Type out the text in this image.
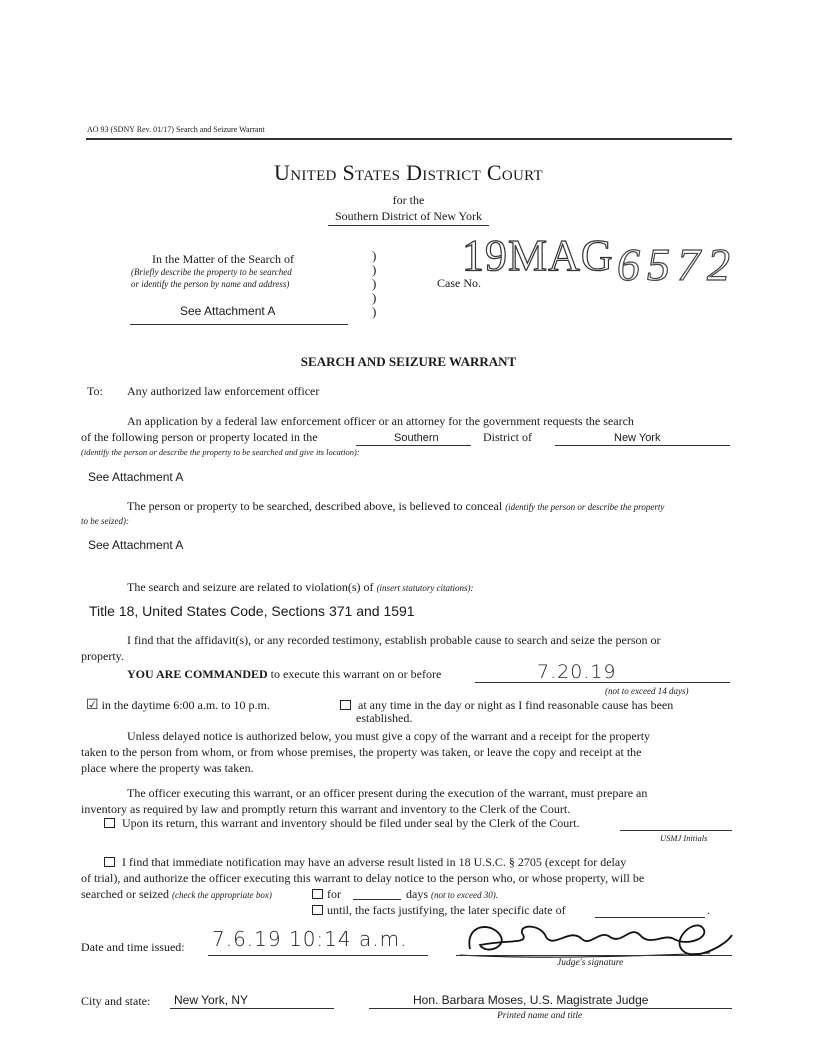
AO 93 (SDNY Rev. 01/17) Search and Seizure Warrant
United States District Court
for the
Southern District of New York
In the Matter of the Search of
(Briefly describe the property to be searched
or identify the person by name and address)
See Attachment A
)
)
)
)
)
Case No.
19MAG 6572
SEARCH AND SEIZURE WARRANT
To: Any authorized law enforcement officer
An application by a federal law enforcement officer or an attorney for the government requests the search
of the following person or property located in the	Southern	District of	New York
(identify the person or describe the property to be searched and give its location):
See Attachment A
The person or property to be searched, described above, is believed to conceal (identify the person or describe the property
to be seized):
See Attachment A
The search and seizure are related to violation(s) of (insert statutory citations):
Title 18, United States Code, Sections 371 and 1591
I find that the affidavit(s), or any recorded testimony, establish probable cause to search and seize the person or
property.
YOU ARE COMMANDED to execute this warrant on or before	7.20.19
(not to exceed 14 days)
☑ in the daytime 6:00 a.m. to 10 p.m.	at any time in the day or night as I find reasonable cause has been
established.
Unless delayed notice is authorized below, you must give a copy of the warrant and a receipt for the property
taken to the person from whom, or from whose premises, the property was taken, or leave the copy and receipt at the
place where the property was taken.
The officer executing this warrant, or an officer present during the execution of the warrant, must prepare an
inventory as required by law and promptly return this warrant and inventory to the Clerk of the Court.
Upon its return, this warrant and inventory should be filed under seal by the Clerk of the Court.
USMJ Initials
I find that immediate notification may have an adverse result listed in 18 U.S.C. § 2705 (except for delay
of trial), and authorize the officer executing this warrant to delay notice to the person who, or whose property, will be
searched or seized (check the appropriate box)	for	days (not to exceed 30).
until, the facts justifying, the later specific date of	.
Date and time issued: 7.6.19 10:14 a.m.
Judge's signature
City and state: New York, NY	Hon. Barbara Moses, U.S. Magistrate Judge
Printed name and title
